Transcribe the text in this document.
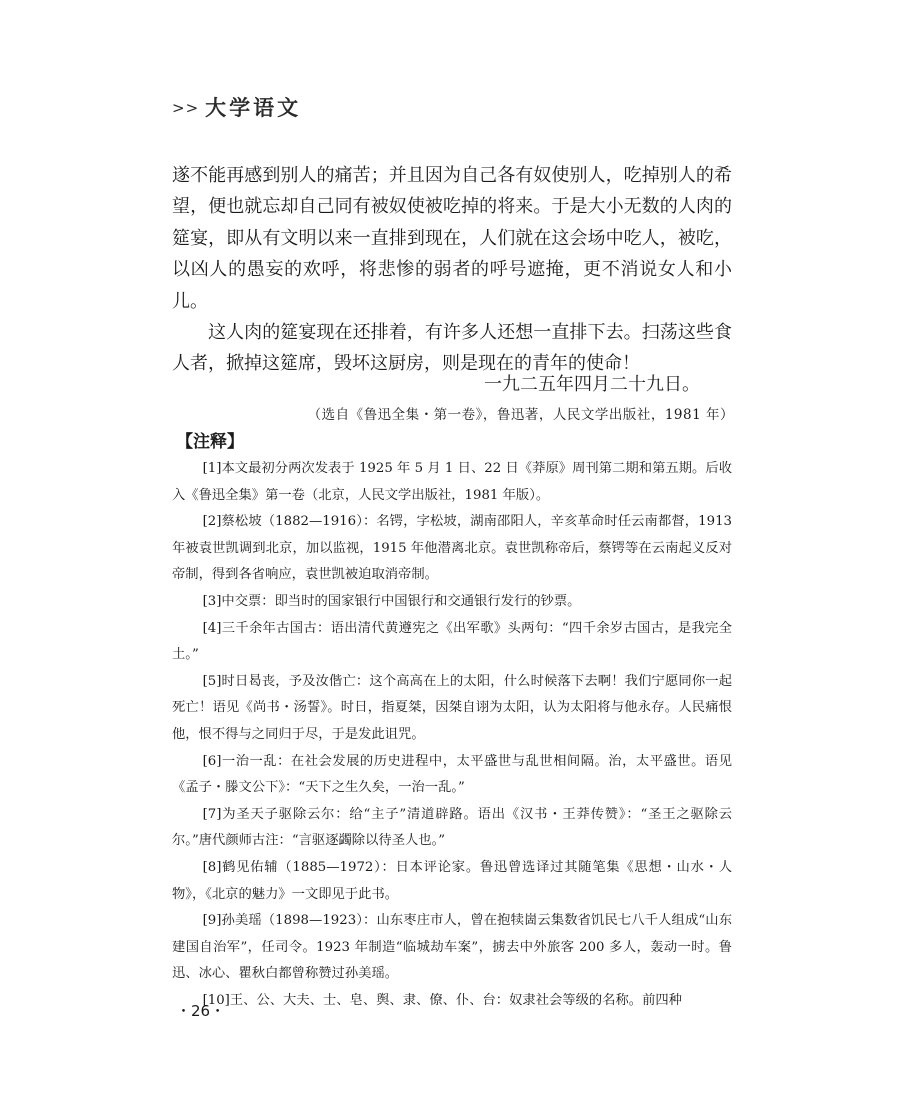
>> 大学语文

遂不能再感到别人的痛苦；并且因为自己各有奴使别人，吃掉别人的希望，便也就忘却自己同有被奴使被吃掉的将来。于是大小无数的人肉的筵宴，即从有文明以来一直排到现在，人们就在这会场中吃人，被吃，以凶人的愚妄的欢呼，将悲惨的弱者的呼号遮掩，更不消说女人和小儿。

这人肉的筵宴现在还排着，有许多人还想一直排下去。扫荡这些食人者，掀掉这筵席，毁坏这厨房，则是现在的青年的使命！

一九二五年四月二十九日。
（选自《鲁迅全集・第一卷》，鲁迅著，人民文学出版社，1981 年）
【注释】

[1]本文最初分两次发表于 1925 年 5 月 1 日、22 日《莽原》周刊第二期和第五期。后收入《鲁迅全集》第一卷（北京，人民文学出版社，1981 年版）。

[2]蔡松坡（1882—1916）：名锷，字松坡，湖南邵阳人，辛亥革命时任云南都督，1913 年被袁世凯调到北京，加以监视，1915 年他潜离北京。袁世凯称帝后，蔡锷等在云南起义反对帝制，得到各省响应，袁世凯被迫取消帝制。

[3]中交票：即当时的国家银行中国银行和交通银行发行的钞票。

[4]三千余年古国古：语出清代黄遵宪之《出军歌》头两句：“四千余岁古国古，是我完全土。”

[5]时日曷丧，予及汝偕亡：这个高高在上的太阳，什么时候落下去啊！我们宁愿同你一起死亡！语见《尚书・汤誓》。时日，指夏桀，因桀自诩为太阳，认为太阳将与他永存。人民痛恨他，恨不得与之同归于尽，于是发此诅咒。

[6]一治一乱：在社会发展的历史进程中，太平盛世与乱世相间隔。治，太平盛世。语见《孟子・滕文公下》：“天下之生久矣，一治一乱。”

[7]为圣天子驱除云尔：给“主子”清道辟路。语出《汉书・王莽传赞》：“圣王之驱除云尔。”唐代颜师古注：“言驱逐蠲除以待圣人也。”

[8]鹤见佑辅（1885—1972）：日本评论家。鲁迅曾选译过其随笔集《思想・山水・人物》，《北京的魅力》一文即见于此书。

[9]孙美瑶（1898—1923）：山东枣庄市人，曾在抱犊崮云集数省饥民七八千人组成“山东建国自治军”，任司令。1923 年制造“临城劫车案”，掳去中外旅客 200 多人，轰动一时。鲁迅、冰心、瞿秋白都曾称赞过孙美瑶。

[10]王、公、大夫、士、皂、舆、隶、僚、仆、台：奴隶社会等级的名称。前四种

・26・
